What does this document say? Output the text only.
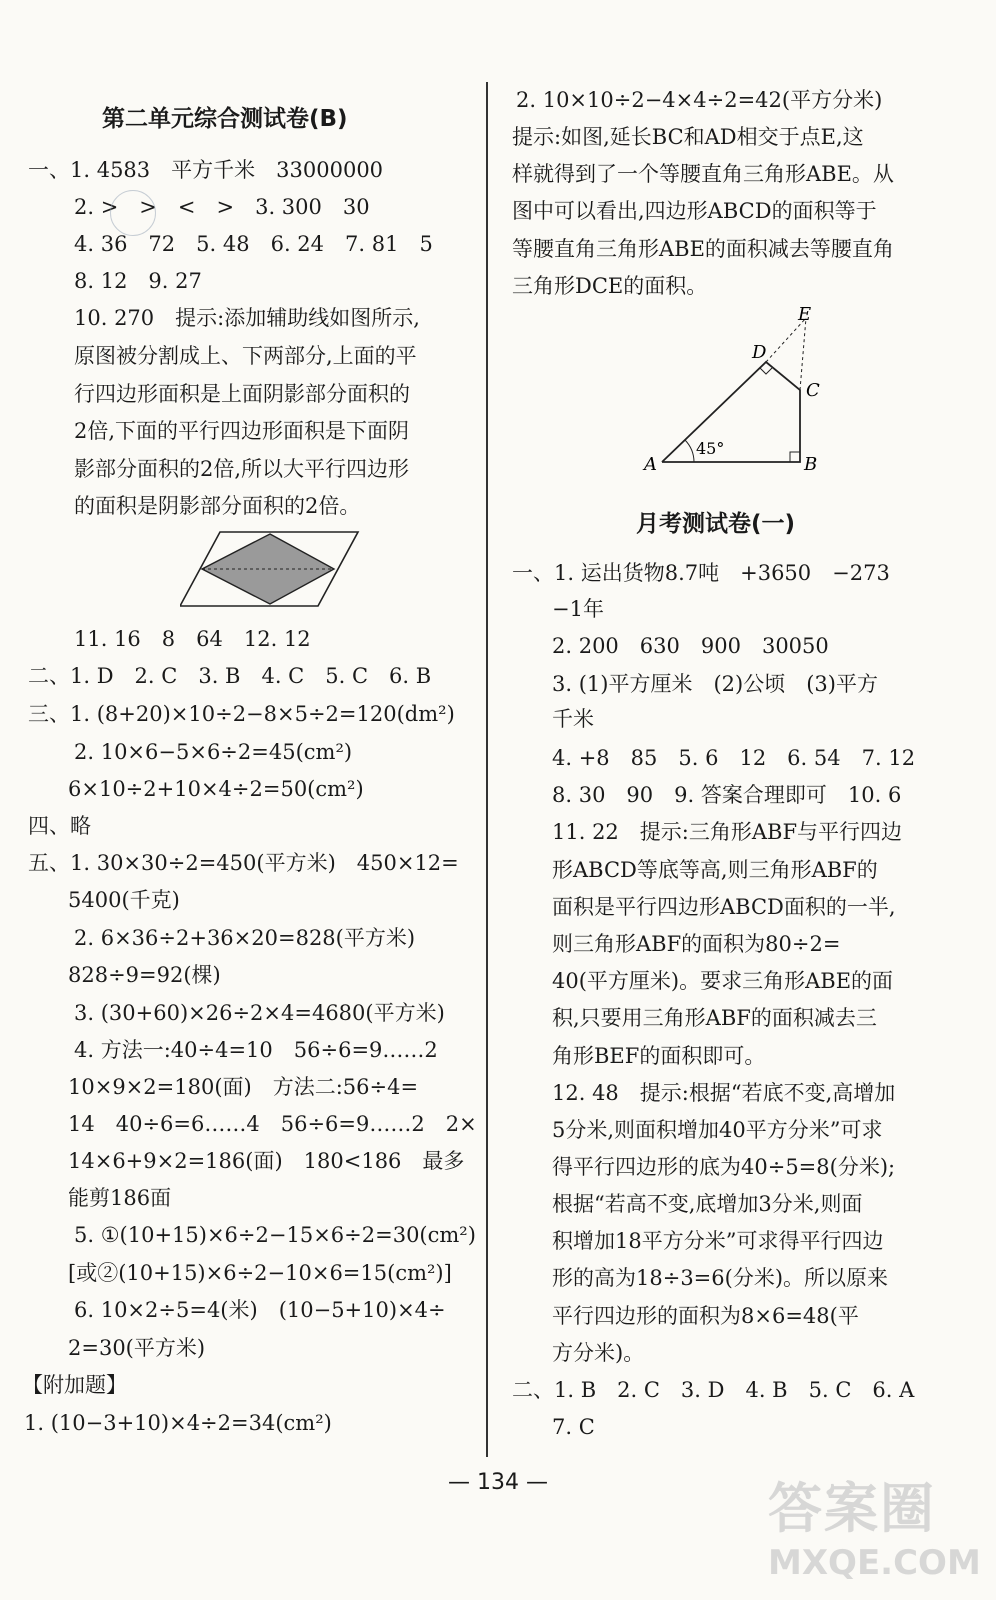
第二单元综合测试卷(B)
一、1. 4583　平方千米　33000000
2. >　>　<　>　3. 300　30
4. 36　72　5. 48　6. 24　7. 81　5
8. 12　9. 27
10. 270　提示:添加辅助线如图所示,
原图被分割成上、下两部分,上面的平
行四边形面积是上面阴影部分面积的
2倍,下面的平行四边形面积是下面阴
影部分面积的2倍,所以大平行四边形
的面积是阴影部分面积的2倍。
11. 16　8　64　12. 12
二、1. D　2. C　3. B　4. C　5. C　6. B
三、1. (8+20)×10÷2−8×5÷2=120(dm²)
2. 10×6−5×6÷2=45(cm²)
6×10÷2+10×4÷2=50(cm²)
四、略
五、1. 30×30÷2=450(平方米)　450×12=
5400(千克)
2. 6×36÷2+36×20=828(平方米)
828÷9=92(棵)
3. (30+60)×26÷2×4=4680(平方米)
4. 方法一:40÷4=10　56÷6=9……2
10×9×2=180(面)　方法二:56÷4=
14　40÷6=6……4　56÷6=9……2　2×
14×6+9×2=186(面)　180<186　最多
能剪186面
5. ①(10+15)×6÷2−15×6÷2=30(cm²)
[或②(10+15)×6÷2−10×6=15(cm²)]
6. 10×2÷5=4(米)　(10−5+10)×4÷
2=30(平方米)
【附加题】
1. (10−3+10)×4÷2=34(cm²)
2. 10×10÷2−4×4÷2=42(平方分米)
提示:如图,延长BC和AD相交于点E,这
样就得到了一个等腰直角三角形ABE。从
图中可以看出,四边形ABCD的面积等于
等腰直角三角形ABE的面积减去等腰直角
三角形DCE的面积。
A	B
C
D
E
45°
月考测试卷(一)
一、1. 运出货物8.7吨　+3650　−273
−1年
2. 200　630　900　30050
3. (1)平方厘米　(2)公顷　(3)平方
千米
4. +8　85　5. 6　12　6. 54　7. 12
8. 30　90　9. 答案合理即可　10. 6
11. 22　提示:三角形ABF与平行四边
形ABCD等底等高,则三角形ABF的
面积是平行四边形ABCD面积的一半,
则三角形ABF的面积为80÷2=
40(平方厘米)。要求三角形ABE的面
积,只要用三角形ABF的面积减去三
角形BEF的面积即可。
12. 48　提示:根据“若底不变,高增加
5分米,则面积增加40平方分米”可求
得平行四边形的底为40÷5=8(分米);
根据“若高不变,底增加3分米,则面
积增加18平方分米”可求得平行四边
形的高为18÷3=6(分米)。所以原来
平行四边形的面积为8×6=48(平
方分米)。
二、1. B　2. C　3. D　4. B　5. C　6. A
7. C
— 134 —	答案圈
MXQE.COM
